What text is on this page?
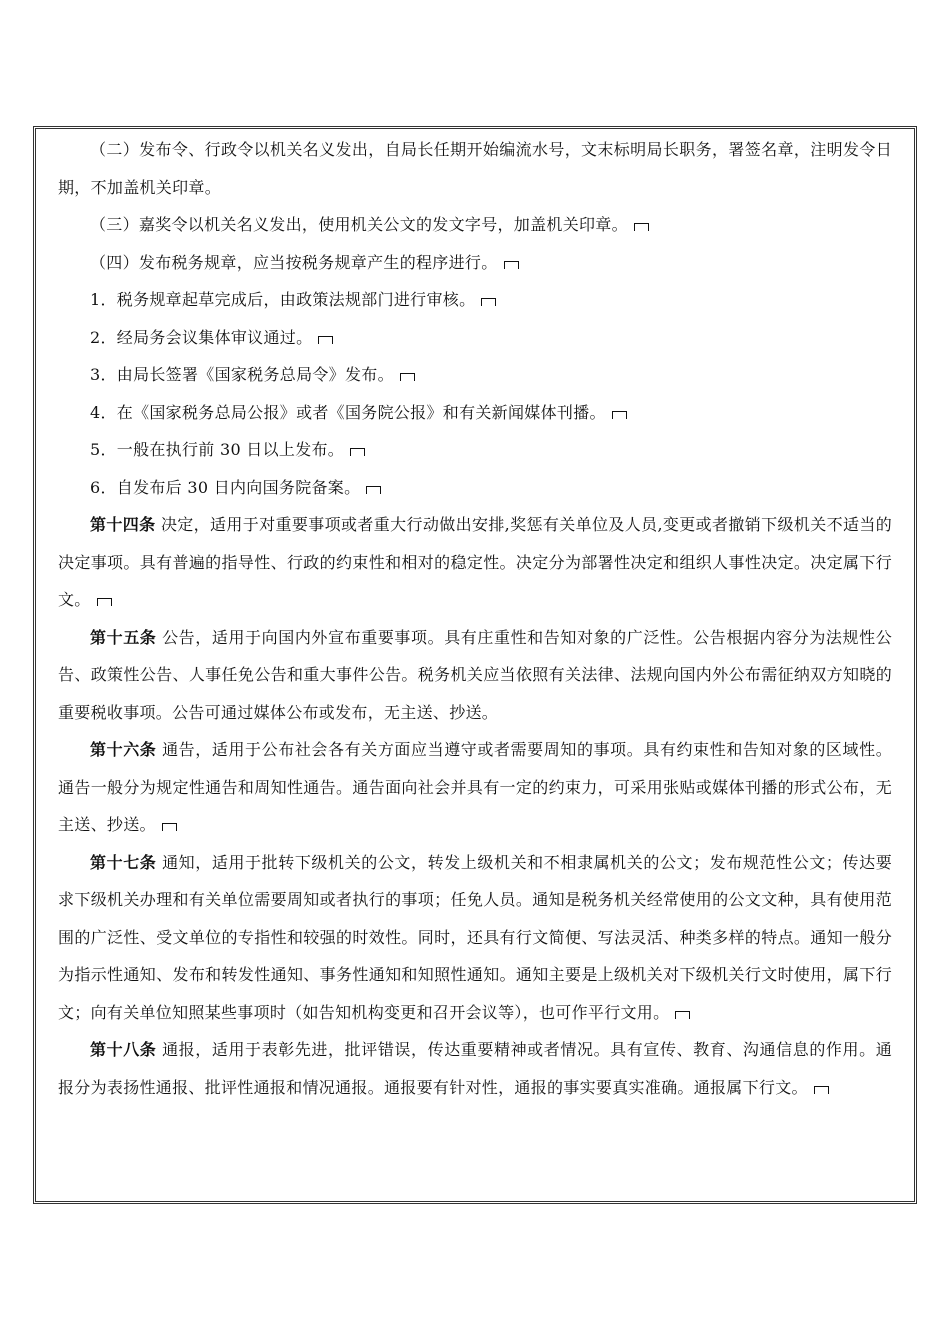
（二）发布令、行政令以机关名义发出，自局长任期开始编流水号，文末标明局长职务，署签名章，注明发令日期，不加盖机关印章。

（三）嘉奖令以机关名义发出，使用机关公文的发文字号，加盖机关印章。

（四）发布税务规章，应当按税务规章产生的程序进行。

1．税务规章起草完成后，由政策法规部门进行审核。

2．经局务会议集体审议通过。

3．由局长签署《国家税务总局令》发布。

4．在《国家税务总局公报》或者《国务院公报》和有关新闻媒体刊播。

5．一般在执行前 30 日以上发布。

6．自发布后 30 日内向国务院备案。

第十四条 决定，适用于对重要事项或者重大行动做出安排,奖惩有关单位及人员,变更或者撤销下级机关不适当的决定事项。具有普遍的指导性、行政的约束性和相对的稳定性。决定分为部署性决定和组织人事性决定。决定属下行文。

第十五条 公告，适用于向国内外宣布重要事项。具有庄重性和告知对象的广泛性。公告根据内容分为法规性公告、政策性公告、人事任免公告和重大事件公告。税务机关应当依照有关法律、法规向国内外公布需征纳双方知晓的重要税收事项。公告可通过媒体公布或发布，无主送、抄送。

第十六条 通告，适用于公布社会各有关方面应当遵守或者需要周知的事项。具有约束性和告知对象的区域性。通告一般分为规定性通告和周知性通告。通告面向社会并具有一定的约束力，可采用张贴或媒体刊播的形式公布，无主送、抄送。

第十七条 通知，适用于批转下级机关的公文，转发上级机关和不相隶属机关的公文；发布规范性公文；传达要求下级机关办理和有关单位需要周知或者执行的事项；任免人员。通知是税务机关经常使用的公文文种，具有使用范围的广泛性、受文单位的专指性和较强的时效性。同时，还具有行文简便、写法灵活、种类多样的特点。通知一般分为指示性通知、发布和转发性通知、事务性通知和知照性通知。通知主要是上级机关对下级机关行文时使用，属下行文；向有关单位知照某些事项时（如告知机构变更和召开会议等），也可作平行文用。

第十八条 通报，适用于表彰先进，批评错误，传达重要精神或者情况。具有宣传、教育、沟通信息的作用。通报分为表扬性通报、批评性通报和情况通报。通报要有针对性，通报的事实要真实准确。通报属下行文。
